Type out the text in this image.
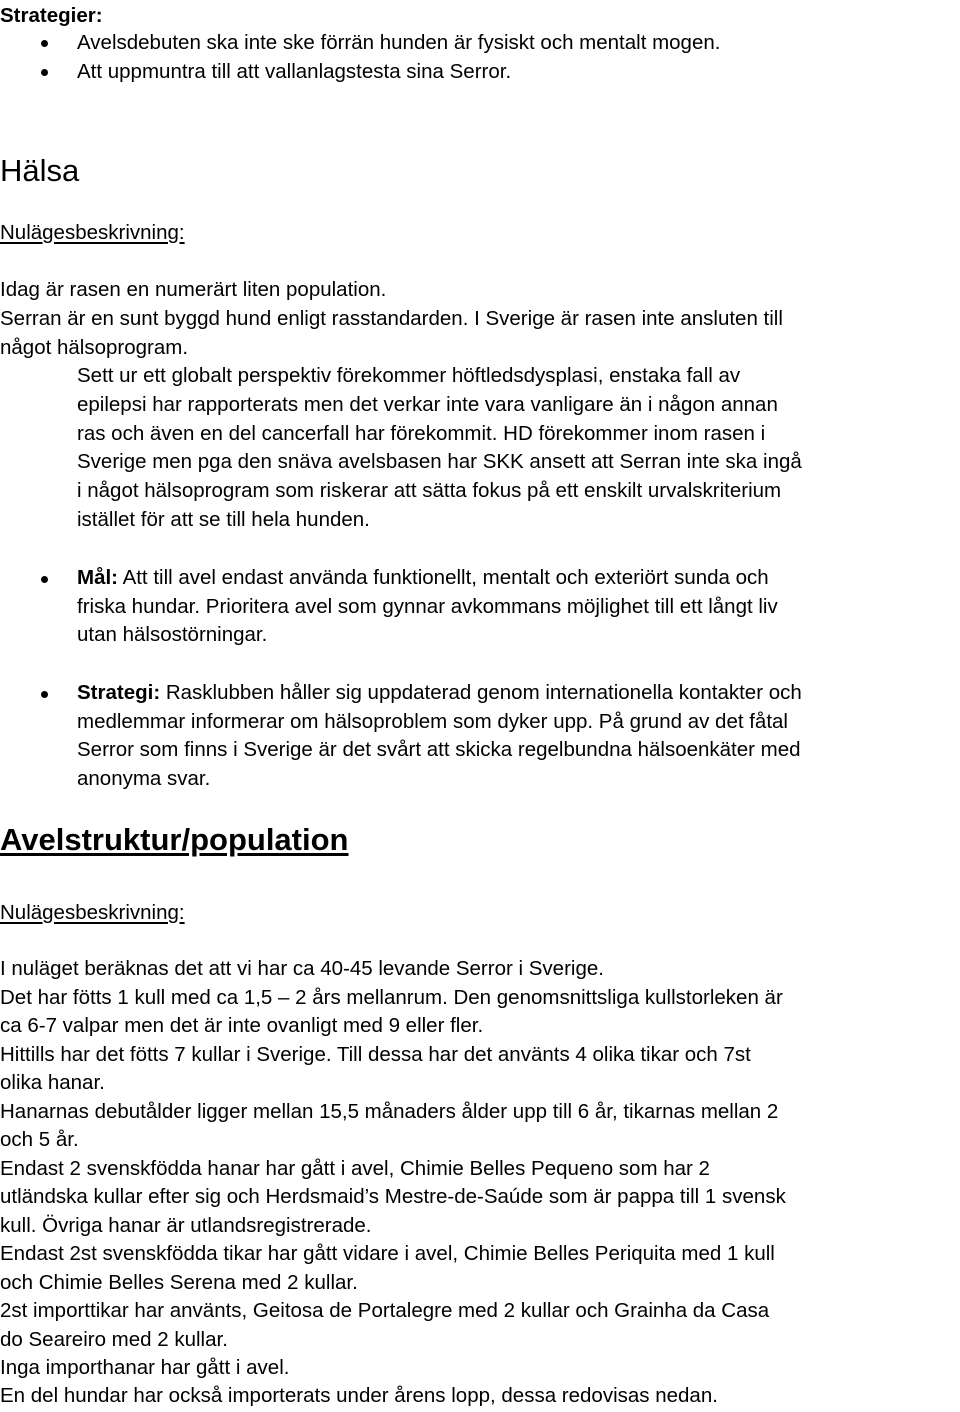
Strategier:

Avelsdebuten ska inte ske förrän hunden är fysiskt och mentalt mogen.

Att uppmuntra till att vallanlagstesta sina Serror.

Hälsa

Nulägesbeskrivning:

Idag är rasen en numerärt liten population.

Serran är en sunt byggd hund enligt rasstandarden. I Sverige är rasen inte ansluten till

något hälsoprogram.

Sett ur ett globalt perspektiv förekommer höftledsdysplasi, enstaka fall av

epilepsi har rapporterats men det verkar inte vara vanligare än i någon annan

ras och även en del cancerfall har förekommit. HD förekommer inom rasen i

Sverige men pga den snäva avelsbasen har SKK ansett att Serran inte ska ingå

i något hälsoprogram som riskerar att sätta fokus på ett enskilt urvalskriterium

istället för att se till hela hunden.

Mål: Att till avel endast använda funktionellt, mentalt och exteriört sunda och

friska hundar. Prioritera avel som gynnar avkommans möjlighet till ett långt liv

utan hälsostörningar.

Strategi: Rasklubben håller sig uppdaterad genom internationella kontakter och

medlemmar informerar om hälsoproblem som dyker upp. På grund av det fåtal

Serror som finns i Sverige är det svårt att skicka regelbundna hälsoenkäter med

anonyma svar.

Avelstruktur/population

Nulägesbeskrivning:

I nuläget beräknas det att vi har ca 40-45 levande Serror i Sverige.

Det har fötts 1 kull med ca 1,5 – 2 års mellanrum. Den genomsnittsliga kullstorleken är

ca 6-7 valpar men det är inte ovanligt med 9 eller fler.

Hittills har det fötts 7 kullar i Sverige. Till dessa har det använts 4 olika tikar och 7st

olika hanar.

Hanarnas debutålder ligger mellan 15,5 månaders ålder upp till 6 år, tikarnas mellan 2

och 5 år.

Endast 2 svenskfödda hanar har gått i avel, Chimie Belles Pequeno som har 2

utländska kullar efter sig och Herdsmaid’s Mestre-de-Saúde som är pappa till 1 svensk

kull. Övriga hanar är utlandsregistrerade.

Endast 2st svenskfödda tikar har gått vidare i avel, Chimie Belles Periquita med 1 kull

och Chimie Belles Serena med 2 kullar.

2st importtikar har använts, Geitosa de Portalegre med 2 kullar och Grainha da Casa

do Seareiro med 2 kullar.

Inga importhanar har gått i avel.

En del hundar har också importerats under årens lopp, dessa redovisas nedan.
